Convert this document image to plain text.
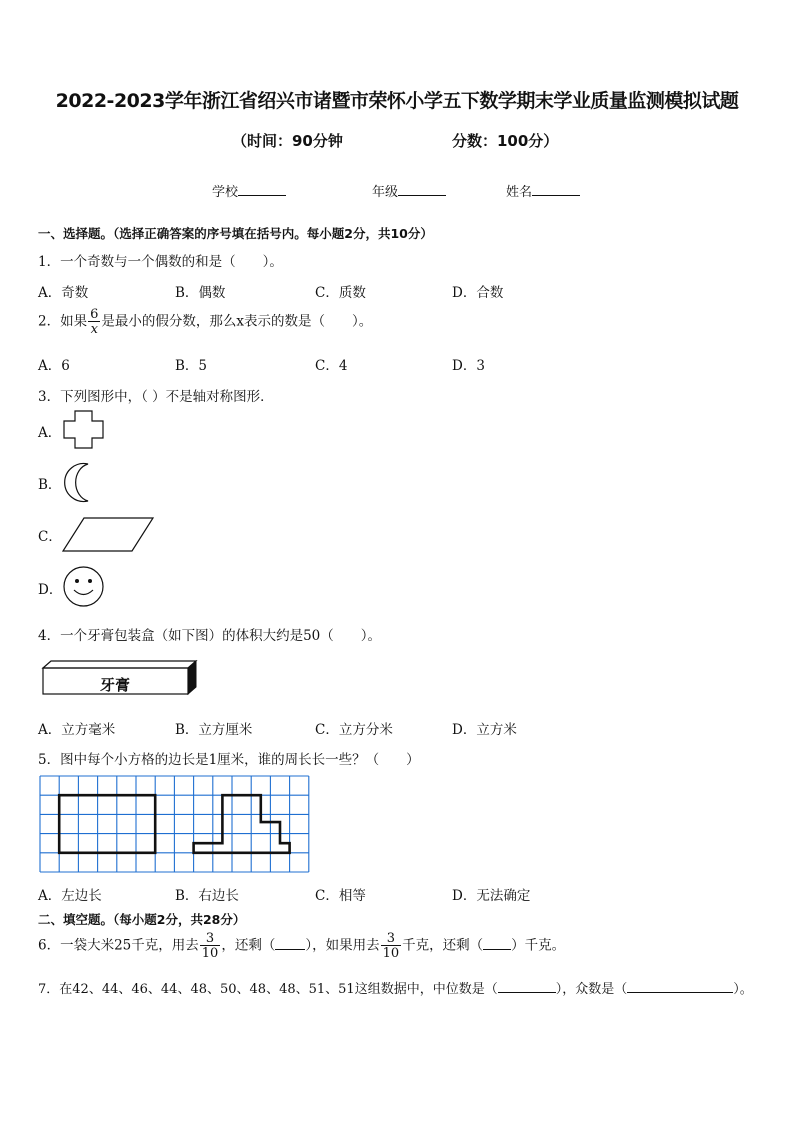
2022-2023学年浙江省绍兴市诸暨市荣怀小学五下数学期末学业质量监测模拟试题
（时间：90分钟	分数：100分）
学校	年级	姓名
一、选择题。（选择正确答案的序号填在括号内。每小题2分，共10分）
1．一个奇数与一个偶数的和是（　　）。
A．奇数	B．偶数	C．质数	D．合数
2．如果 $\frac{6}{x}$ 是最小的假分数，那么x表示的数是（　　）。
A．6	B．5	C．4	D．3
3．下列图形中，（ ）不是轴对称图形．
A．
B．
C．
D．
4．一个牙膏包装盒（如下图）的体积大约是50（　　）。
牙膏
A．立方毫米	B．立方厘米	C．立方分米	D．立方米
5．图中每个小方格的边长是1厘米，谁的周长长一些？（　　）
A．左边长	B．右边长	C．相等	D．无法确定
二、填空题。（每小题2分，共28分）
6．一袋大米25千克，用去 $\frac{3}{10}$ ，还剩（ ），如果用去 $\frac{3}{10}$ 千克，还剩（ ）千克。
7．在42、44、46、44、48、50、48、48、51、51这组数据中，中位数是（	），众数是（	）。
